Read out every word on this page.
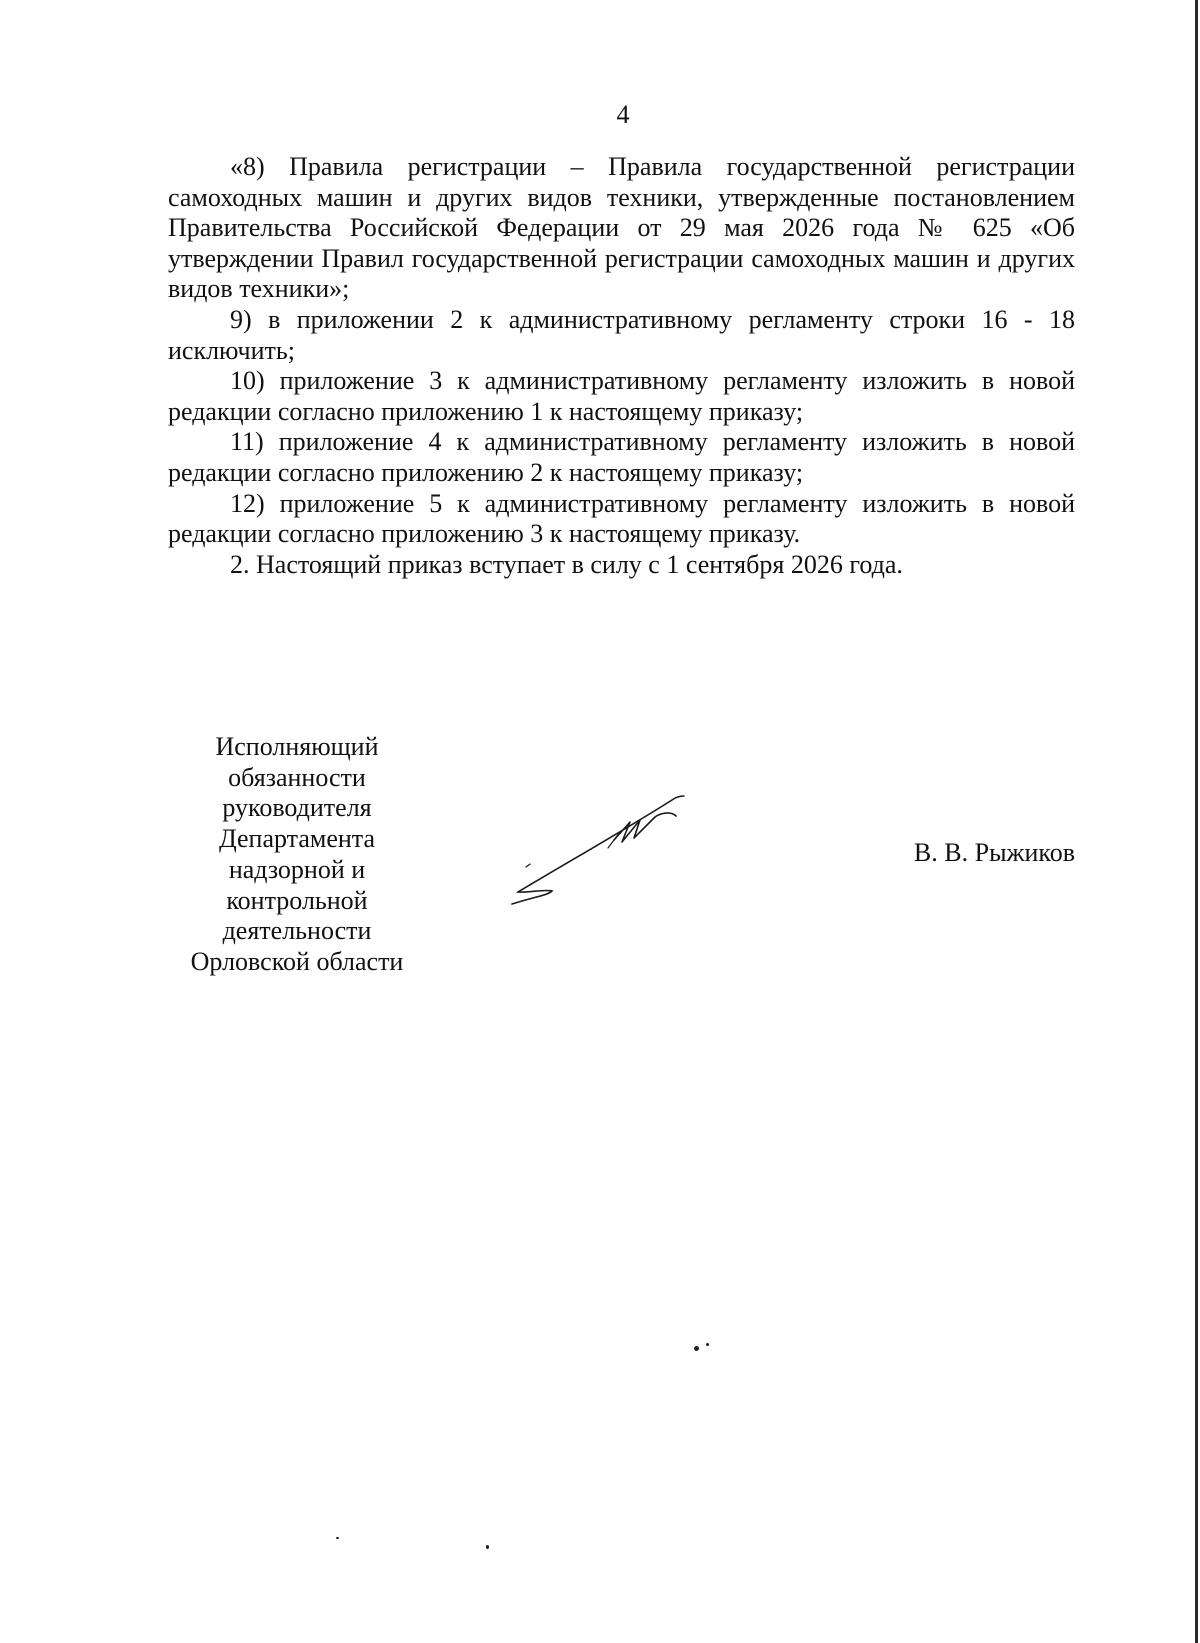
4

«8) Правила регистрации – Правила государственной регистрации самоходных машин и других видов техники, утвержденные постановлением Правительства Российской Федерации от 29 мая 2026 года № 625 «Об утверждении Правил государственной регистрации самоходных машин и других видов техники»;

9) в приложении 2 к административному регламенту строки 16 - 18 исключить;

10) приложение 3 к административному регламенту изложить в новой редакции согласно приложению 1 к настоящему приказу;

11) приложение 4 к административному регламенту изложить в новой редакции согласно приложению 2 к настоящему приказу;

12) приложение 5 к административному регламенту изложить в новой редакции согласно приложению 3 к настоящему приказу.

2. Настоящий приказ вступает в силу с 1 сентября 2026 года.

Исполняющий
обязанности
руководителя
Департамента
надзорной и
контрольной
деятельности
Орловской области
В. В. Рыжиков
